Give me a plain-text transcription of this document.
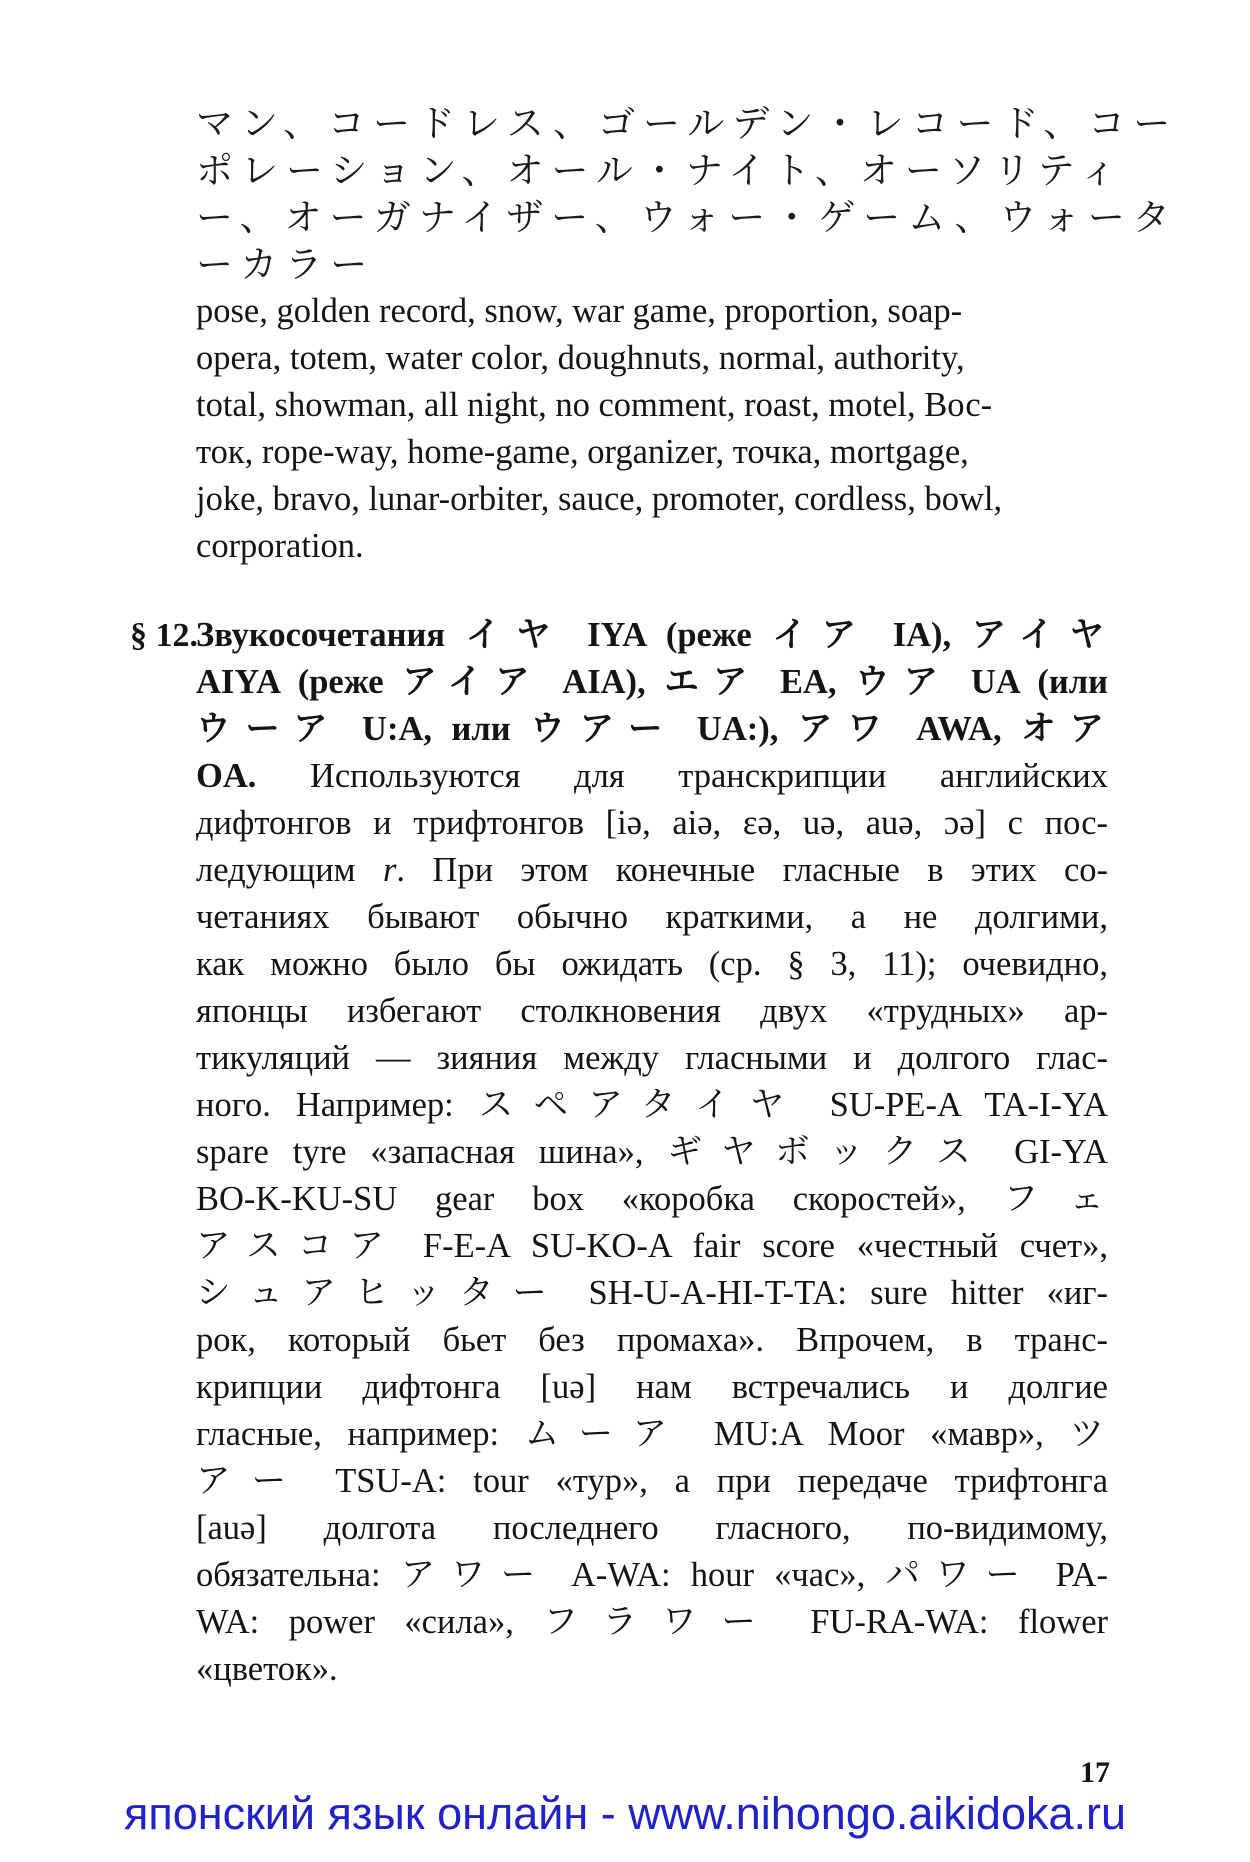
マン、コードレス、ゴールデン・レコード、コー
ポレーション、オール・ナイト、オーソリティ
ー、オーガナイザー、ウォー・ゲーム、ウォータ
ーカラー
pose, golden record, snow, war game, proportion, soap-
opera, totem, water color, doughnuts, normal, authority,
total, showman, all night, no comment, roast, motel, Вос-
ток, rope-way, home-game, organizer, точка, mortgage,
joke, bravo, lunar-orbiter, sauce, promoter, cordless, bowl,
corporation.
§ 12.
Звукосочетания イヤ IYA (реже イア IA), アイヤ
AIYA (реже アイア AIA), エア EA, ウア UA (или
ウーア U:A, или ウアー UA:), アワ AWA, オア
OA. Используются для транскрипции английских
дифтонгов и трифтонгов [iə, aiə, ɛə, uə, auə, ɔə] с пос-
ледующим r. При этом конечные гласные в этих со-
четаниях бывают обычно краткими, а не долгими,
как можно было бы ожидать (ср. § 3, 11); очевидно,
японцы избегают столкновения двух «трудных» ар-
тикуляций — зияния между гласными и долгого глас-
ного. Например: スペアタイヤ SU-PE-A TA-I-YA
spare tyre «запасная шина», ギヤボックス GI-YA
BO-K-KU-SU gear box «коробка скоростей», フェ
アスコア F-E-A SU-KO-A fair score «честный счет»,
シュアヒッター SH-U-A-HI-T-TA: sure hitter «иг-
рок, который бьет без промаха». Впрочем, в транс-
крипции дифтонга [uə] нам встречались и долгие
гласные, например: ムーア MU:A Moor «мавр», ツ
アー TSU-A: tour «тур», а при передаче трифтонга
[auə] долгота последнего гласного, по-видимому,
обязательна: アワー A-WA: hour «час», パワー PA-
WA: power «сила», フラワー FU-RA-WA: flower
«цветок».
17
японский язык онлайн - www.nihongo.aikidoka.ru
